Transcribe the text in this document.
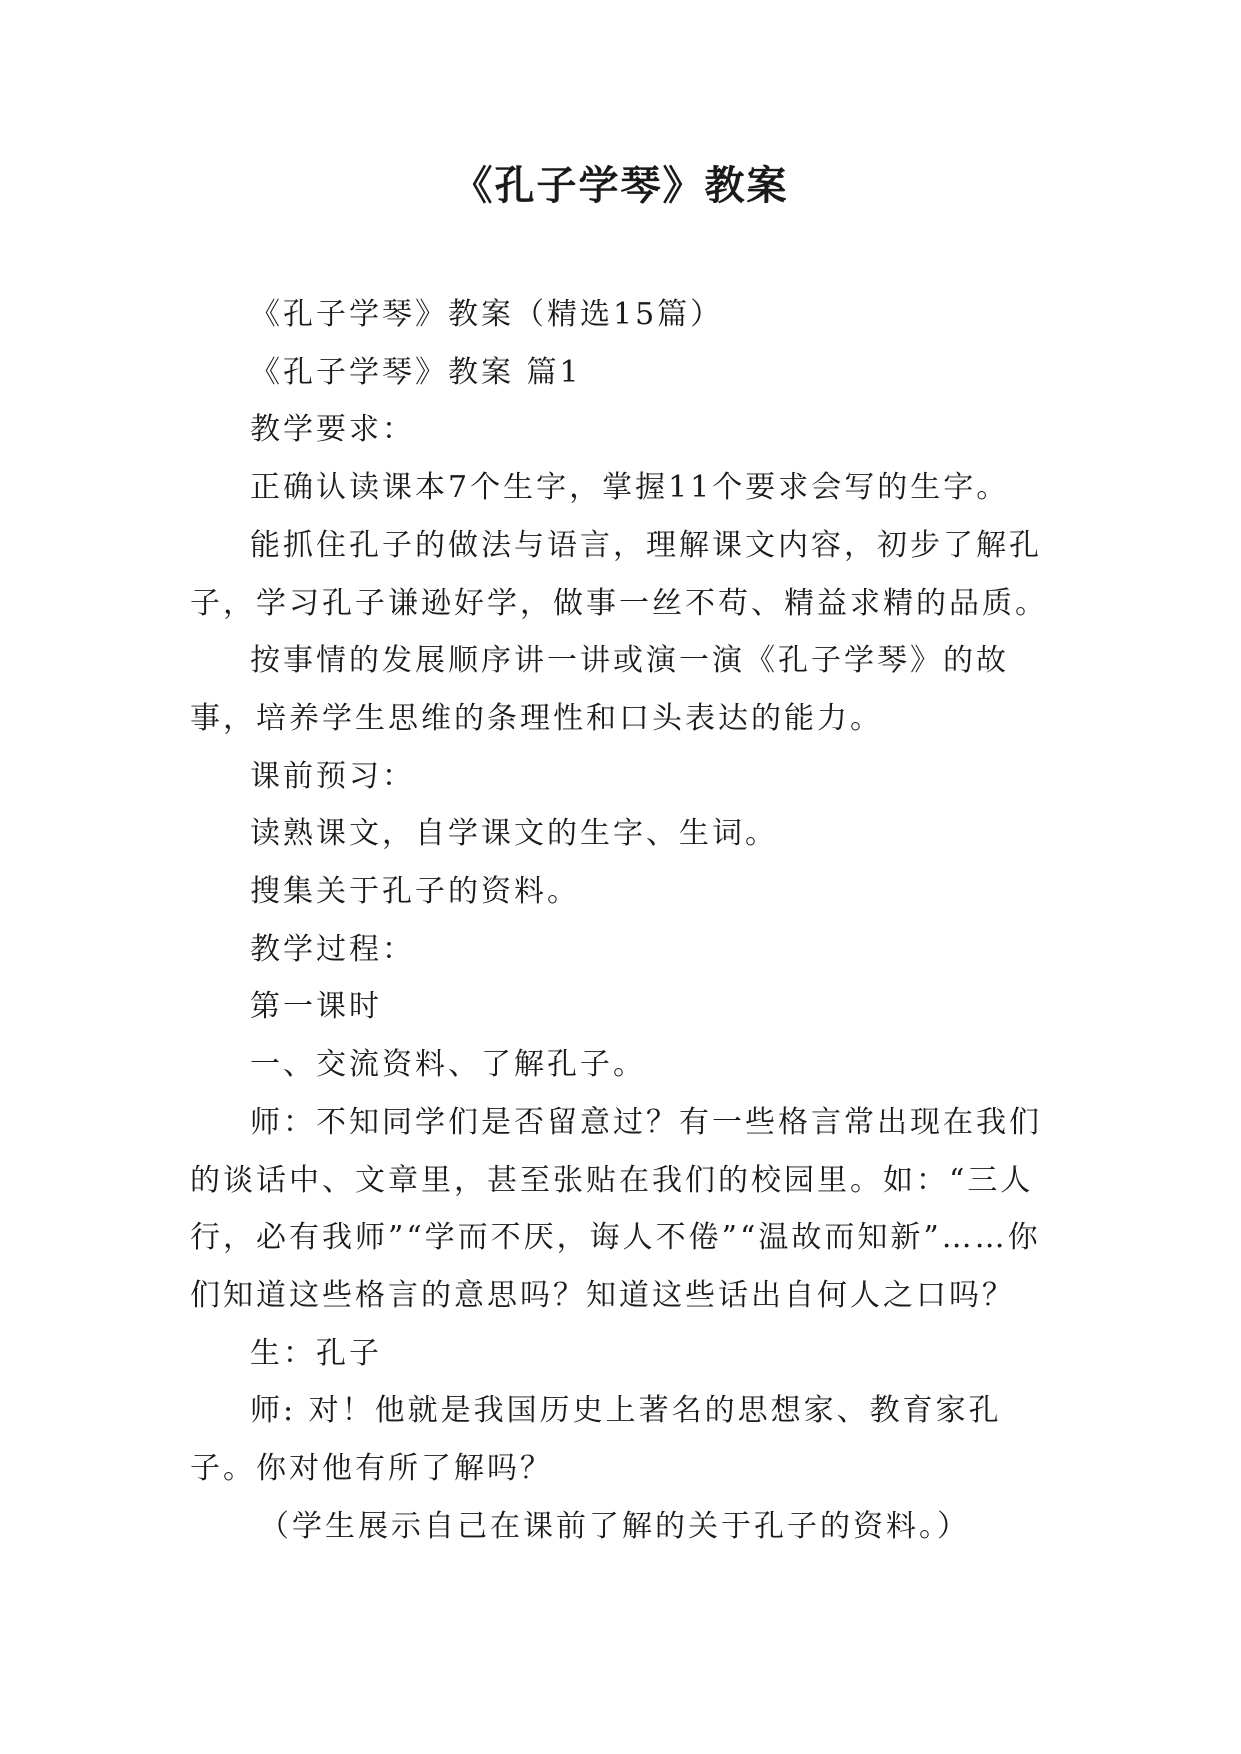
《孔子学琴》教案

《孔子学琴》教案（精选15篇）

《孔子学琴》教案 篇1

教学要求：

正确认读课本7个生字，掌握11个要求会写的生字。

能抓住孔子的做法与语言，理解课文内容，初步了解孔子，学习孔子谦逊好学，做事一丝不苟、精益求精的品质。

按事情的发展顺序讲一讲或演一演《孔子学琴》的故事，培养学生思维的条理性和口头表达的能力。

课前预习：

读熟课文，自学课文的生字、生词。

搜集关于孔子的资料。

教学过程：

第一课时

一、交流资料、了解孔子。

师：不知同学们是否留意过？有一些格言常出现在我们的谈话中、文章里，甚至张贴在我们的校园里。如：“三人行，必有我师”“学而不厌，诲人不倦”“温故而知新”……你们知道这些格言的意思吗？知道这些话出自何人之口吗？

生：孔子

师: 对！他就是我国历史上著名的思想家、教育家孔子。你对他有所了解吗？

（学生展示自己在课前了解的关于孔子的资料。）
